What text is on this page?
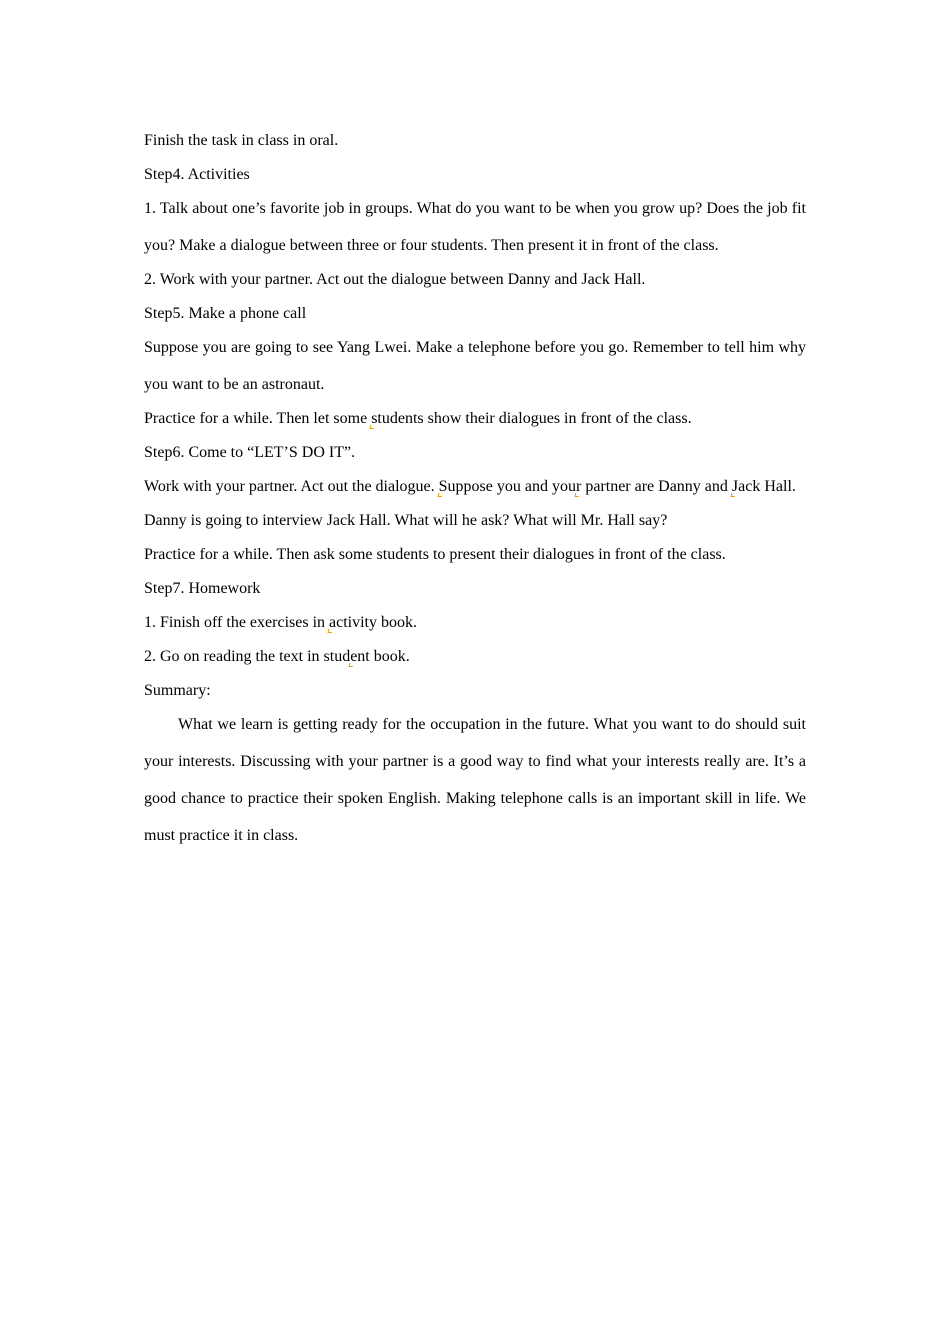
Finish the task in class in oral.

Step4. Activities

1. Talk about one’s favorite job in groups. What do you want to be when you grow up? Does the job fit you? Make a dialogue between three or four students. Then present it in front of the class.

2. Work with your partner. Act out the dialogue between Danny and Jack Hall.

Step5. Make a phone call

Suppose you are going to see Yang Lwei. Make a telephone before you go. Remember to tell him why you want to be an astronaut.

Practice for a while. Then let some students show their dialogues in front of the class.

Step6. Come to “LET’S DO IT”.

Work with your partner. Act out the dialogue. Suppose you and your partner are Danny and Jack Hall.

Danny is going to interview Jack Hall. What will he ask? What will Mr. Hall say?

Practice for a while. Then ask some students to present their dialogues in front of the class.

Step7. Homework

1. Finish off the exercises in activity book.

2. Go on reading the text in student book.

Summary:

What we learn is getting ready for the occupation in the future. What you want to do should suit your interests. Discussing with your partner is a good way to find what your interests really are. It’s a good chance to practice their spoken English. Making telephone calls is an important skill in life. We must practice it in class.
